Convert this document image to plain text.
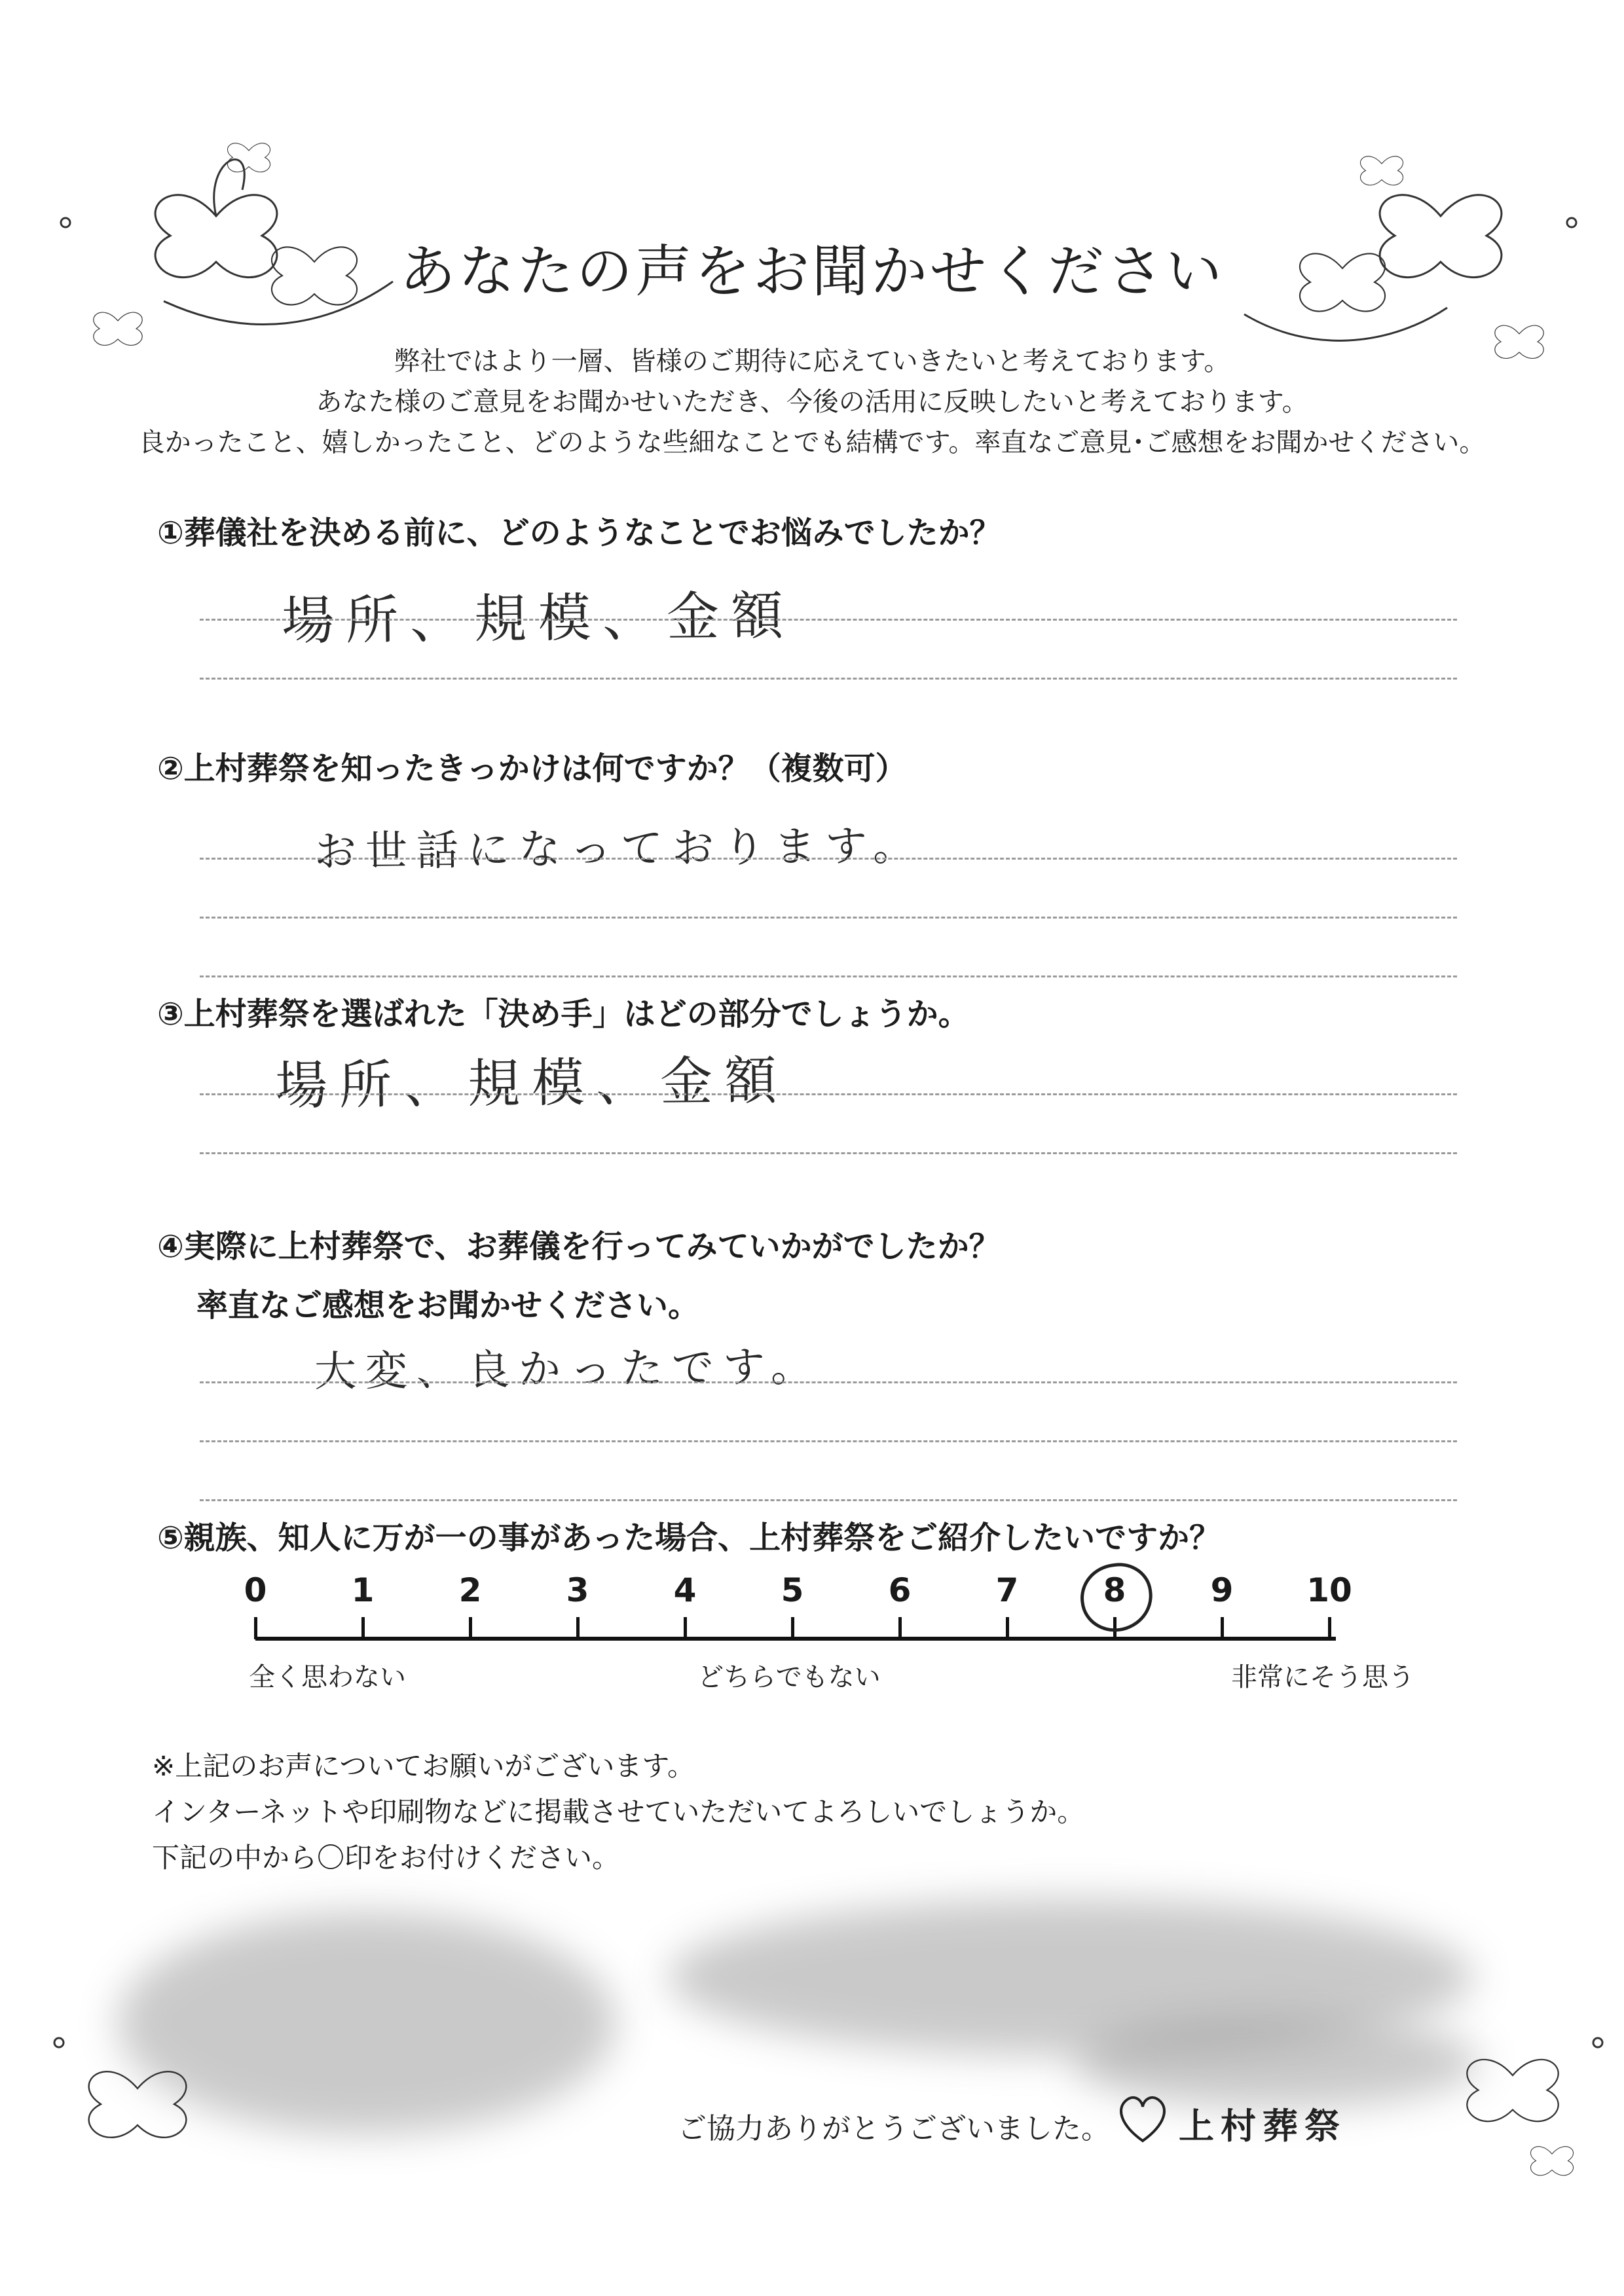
あなたの声をお聞かせください
弊社ではより一層、皆様のご期待に応えていきたいと考えております。
あなた様のご意見をお聞かせいただき、今後の活用に反映したいと考えております。
良かったこと、嬉しかったこと、どのような些細なことでも結構です。率直なご意見･ご感想をお聞かせください。
①葬儀社を決める前に、どのようなことでお悩みでしたか？
場所、規模、金額
②上村葬祭を知ったきっかけは何ですか？（複数可）
お世話になっております。
③上村葬祭を選ばれた「決め手」はどの部分でしょうか。
場所、規模、金額
④実際に上村葬祭で、お葬儀を行ってみていかがでしたか？
率直なご感想をお聞かせください。
大変、良かったです。
⑤親族、知人に万が一の事があった場合、上村葬祭をご紹介したいですか？
0	1	2	3	4	5	6	7	8	9	10
全く思わない	どちらでもない	非常にそう思う
※上記のお声についてお願いがございます。
インターネットや印刷物などに掲載させていただいてよろしいでしょうか。
下記の中から〇印をお付けください。
ご協力ありがとうございました。 上村葬祭
